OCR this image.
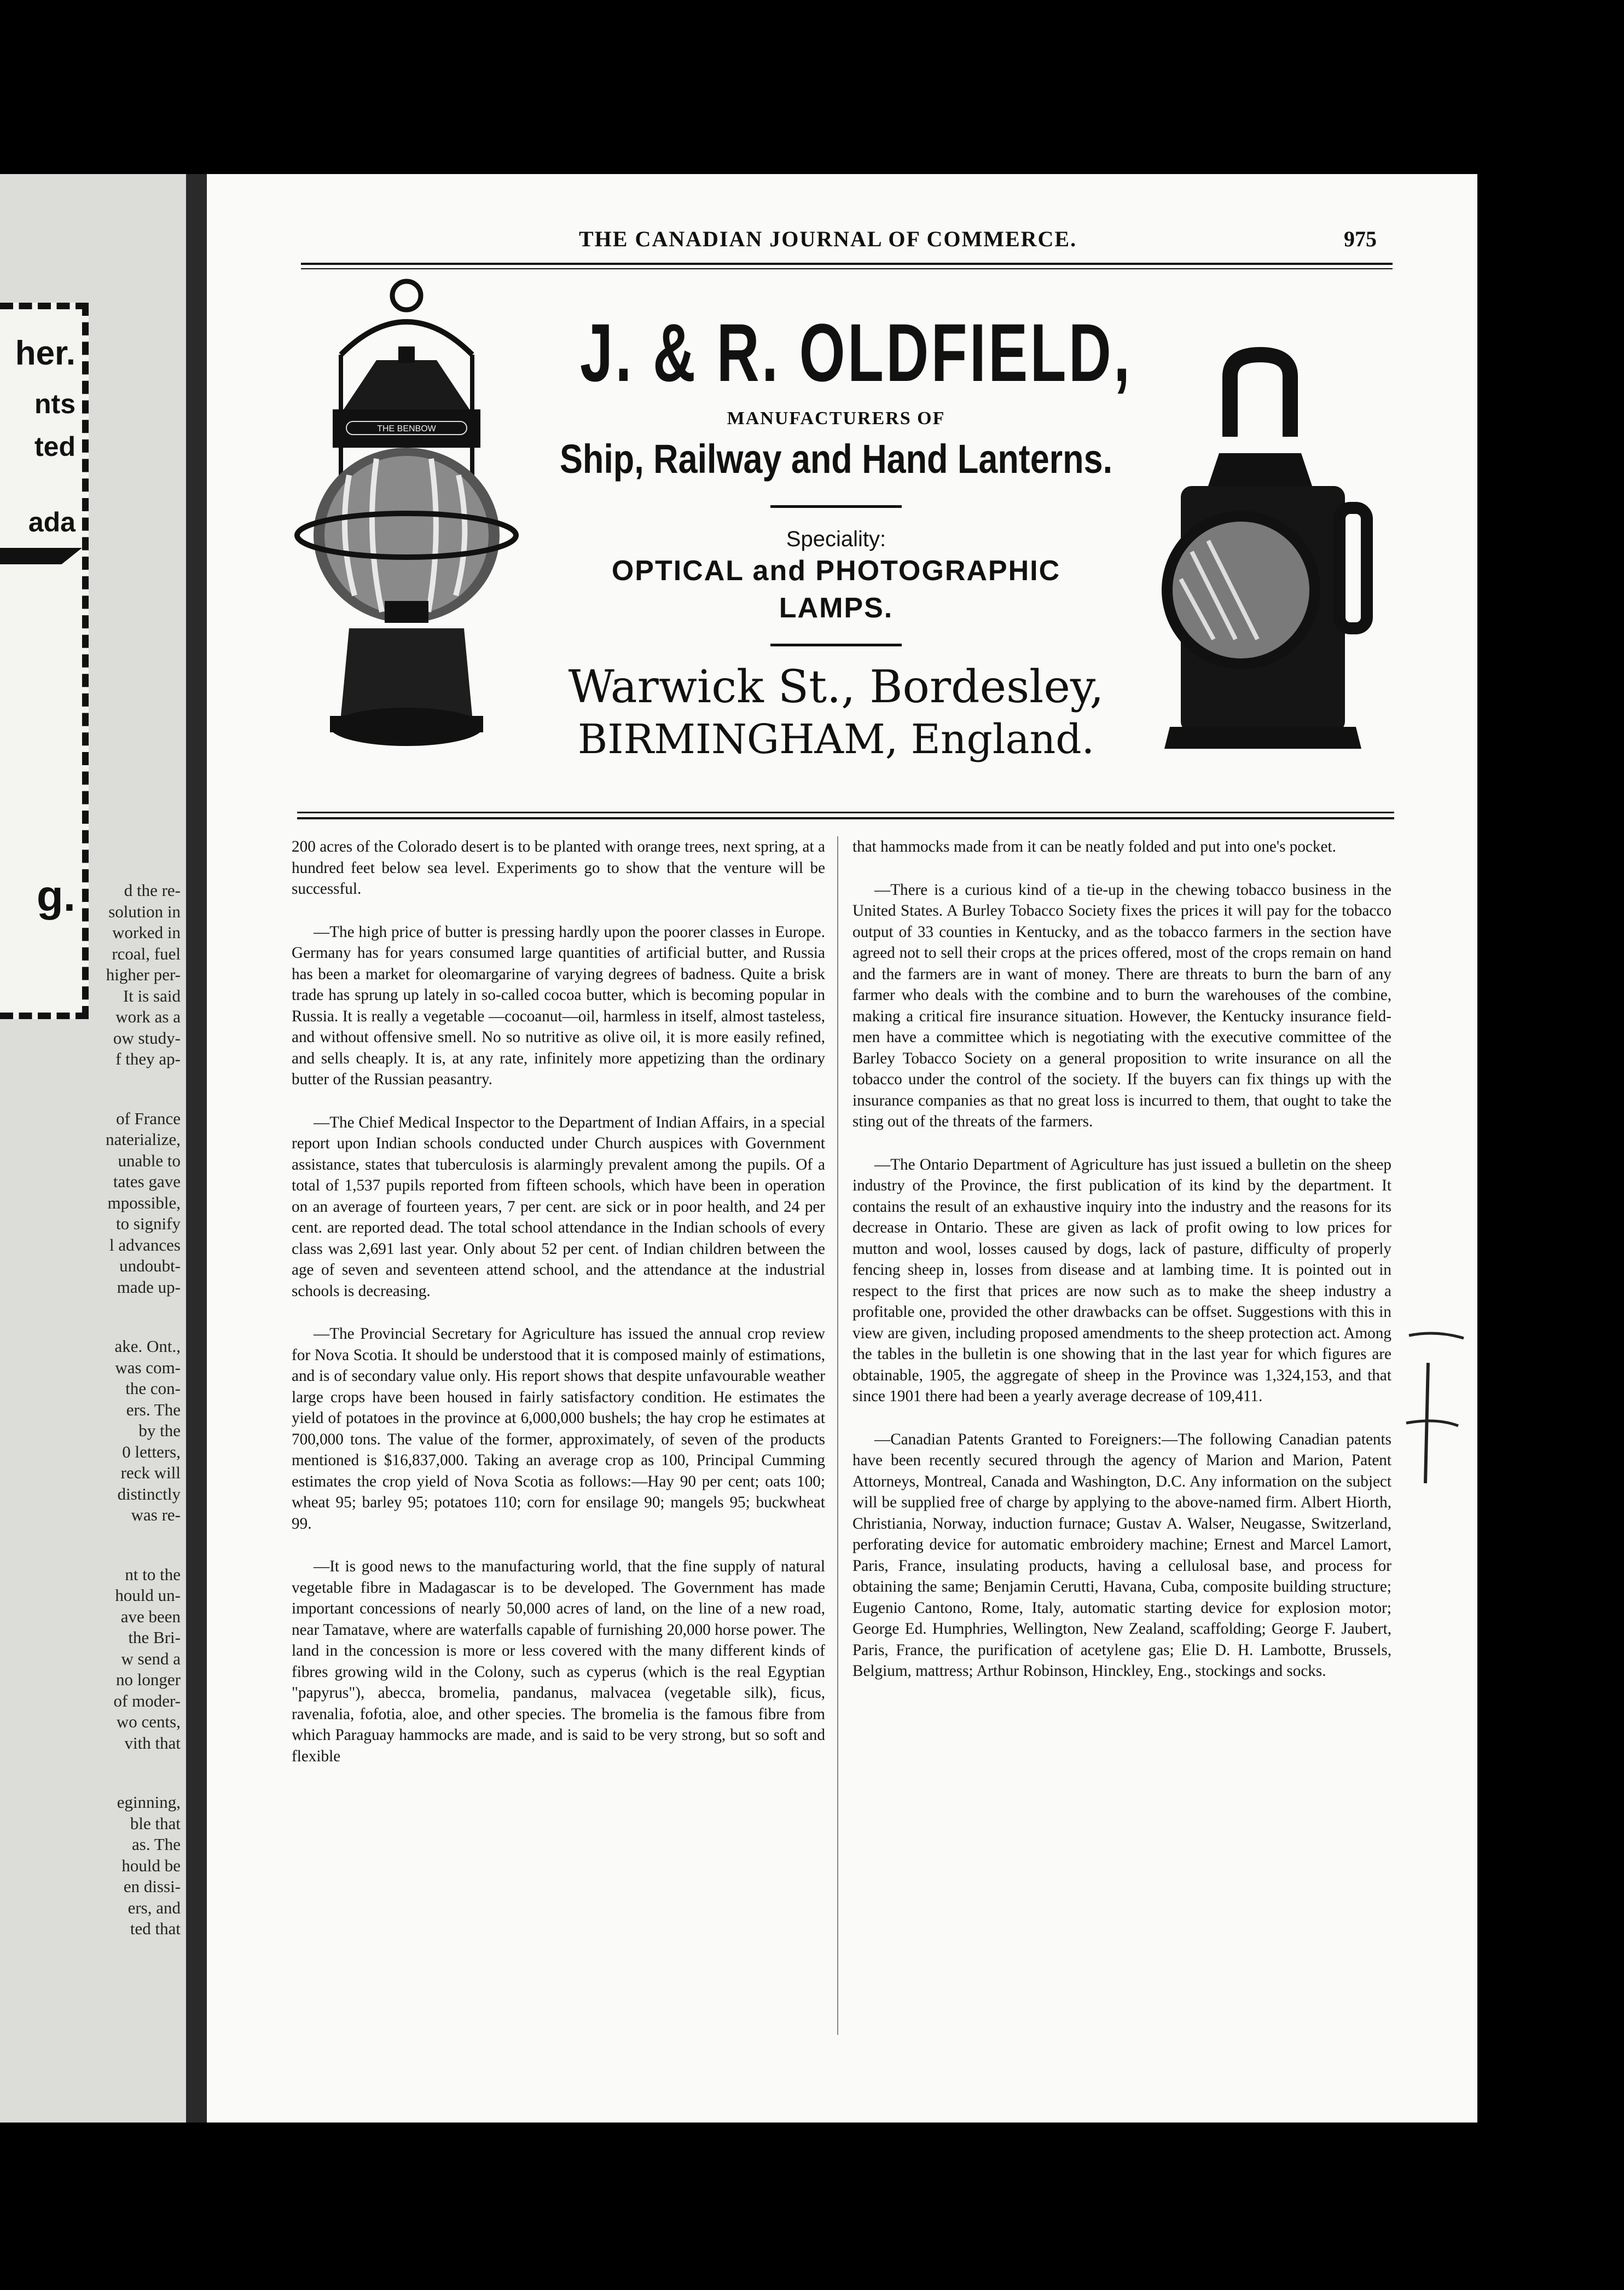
her.
nts
ted
ada
g.	d the re-
solution in
worked in
rcoal, fuel
higher per-
It is said
work as a
ow study-
f they ap-
of France
naterialize,
unable to
tates gave
mpossible,
to signify
l advances
undoubt-
made up-
ake. Ont.,
was com-
the con-
ers. The
by the
0 letters,
reck will
distinctly
was re-
nt to the
hould un-
ave been
the Bri-
w send a
no longer
of moder-
wo cents,
vith that
eginning,
ble that
as. The
hould be
en dissi-
ers, and
ted that
THE CANADIAN JOURNAL OF COMMERCE.	975
THE BENBOW
J. & R. OLDFIELD,
MANUFACTURERS OF
Ship, Railway and Hand Lanterns.
Speciality:
OPTICAL and PHOTOGRAPHIC
LAMPS.
Warwick St., Bordesley,
BIRMINGHAM, England.

200 acres of the Colorado desert is to be planted with orange trees, next spring, at a hundred feet below sea level. Experiments go to show that the venture will be successful.

—The high price of butter is pressing hardly upon the poorer classes in Europe. Germany has for years consumed large quantities of artificial butter, and Russia has been a market for oleomargarine of varying degrees of badness. Quite a brisk trade has sprung up lately in so-called cocoa butter, which is becoming popular in Russia. It is really a vegetable —cocoanut—oil, harmless in itself, almost tasteless, and without offensive smell. No so nutritive as olive oil, it is more easily refined, and sells cheaply. It is, at any rate, infinitely more appetizing than the ordinary butter of the Russian peasantry.

—The Chief Medical Inspector to the Department of Indian Affairs, in a special report upon Indian schools conducted under Church auspices with Government assistance, states that tuberculosis is alarmingly prevalent among the pupils. Of a total of 1,537 pupils reported from fifteen schools, which have been in operation on an average of fourteen years, 7 per cent. are sick or in poor health, and 24 per cent. are reported dead. The total school attendance in the Indian schools of every class was 2,691 last year. Only about 52 per cent. of Indian children between the age of seven and seventeen attend school, and the attendance at the industrial schools is decreasing.

—The Provincial Secretary for Agriculture has issued the annual crop review for Nova Scotia. It should be understood that it is composed mainly of estimations, and is of secondary value only. His report shows that despite unfavourable weather large crops have been housed in fairly satisfactory condition. He estimates the yield of potatoes in the province at 6,000,000 bushels; the hay crop he estimates at 700,000 tons. The value of the former, approximately, of seven of the products mentioned is $16,837,000. Taking an average crop as 100, Principal Cumming estimates the crop yield of Nova Scotia as follows:—Hay 90 per cent; oats 100; wheat 95; barley 95; potatoes 110; corn for ensilage 90; mangels 95; buckwheat 99.

—It is good news to the manufacturing world, that the fine supply of natural vegetable fibre in Madagascar is to be developed. The Government has made important concessions of nearly 50,000 acres of land, on the line of a new road, near Tamatave, where are waterfalls capable of furnishing 20,000 horse power. The land in the concession is more or less covered with the many different kinds of fibres growing wild in the Colony, such as cyperus (which is the real Egyptian "papyrus"), abecca, bromelia, pandanus, malvacea (vegetable silk), ficus, ravenalia, fofotia, aloe, and other species. The bromelia is the famous fibre from which Paraguay hammocks are made, and is said to be very strong, but so soft and flexible

that hammocks made from it can be neatly folded and put into one's pocket.

—There is a curious kind of a tie-up in the chewing tobacco business in the United States. A Burley Tobacco Society fixes the prices it will pay for the tobacco output of 33 counties in Kentucky, and as the tobacco farmers in the section have agreed not to sell their crops at the prices offered, most of the crops remain on hand and the farmers are in want of money. There are threats to burn the barn of any farmer who deals with the combine and to burn the warehouses of the combine, making a critical fire insurance situation. However, the Kentucky insurance field-men have a committee which is negotiating with the executive committee of the Barley Tobacco Society on a general proposition to write insurance on all the tobacco under the control of the society. If the buyers can fix things up with the insurance companies as that no great loss is incurred to them, that ought to take the sting out of the threats of the farmers.

—The Ontario Department of Agriculture has just issued a bulletin on the sheep industry of the Province, the first publication of its kind by the department. It contains the result of an exhaustive inquiry into the industry and the reasons for its decrease in Ontario. These are given as lack of profit owing to low prices for mutton and wool, losses caused by dogs, lack of pasture, difficulty of properly fencing sheep in, losses from disease and at lambing time. It is pointed out in respect to the first that prices are now such as to make the sheep industry a profitable one, provided the other drawbacks can be offset. Suggestions with this in view are given, including proposed amendments to the sheep protection act. Among the tables in the bulletin is one showing that in the last year for which figures are obtainable, 1905, the aggregate of sheep in the Province was 1,324,153, and that since 1901 there had been a yearly average decrease of 109,411.

—Canadian Patents Granted to Foreigners:—The following Canadian patents have been recently secured through the agency of Marion and Marion, Patent Attorneys, Montreal, Canada and Washington, D.C. Any information on the subject will be supplied free of charge by applying to the above-named firm. Albert Hiorth, Christiania, Norway, induction furnace; Gustav A. Walser, Neugasse, Switzerland, perforating device for automatic embroidery machine; Ernest and Marcel Lamort, Paris, France, insulating products, having a cellulosal base, and process for obtaining the same; Benjamin Cerutti, Havana, Cuba, composite building structure; Eugenio Cantono, Rome, Italy, automatic starting device for explosion motor; George Ed. Humphries, Wellington, New Zealand, scaffolding; George F. Jaubert, Paris, France, the purification of acetylene gas; Elie D. H. Lambotte, Brussels, Belgium, mattress; Arthur Robinson, Hinckley, Eng., stockings and socks.
